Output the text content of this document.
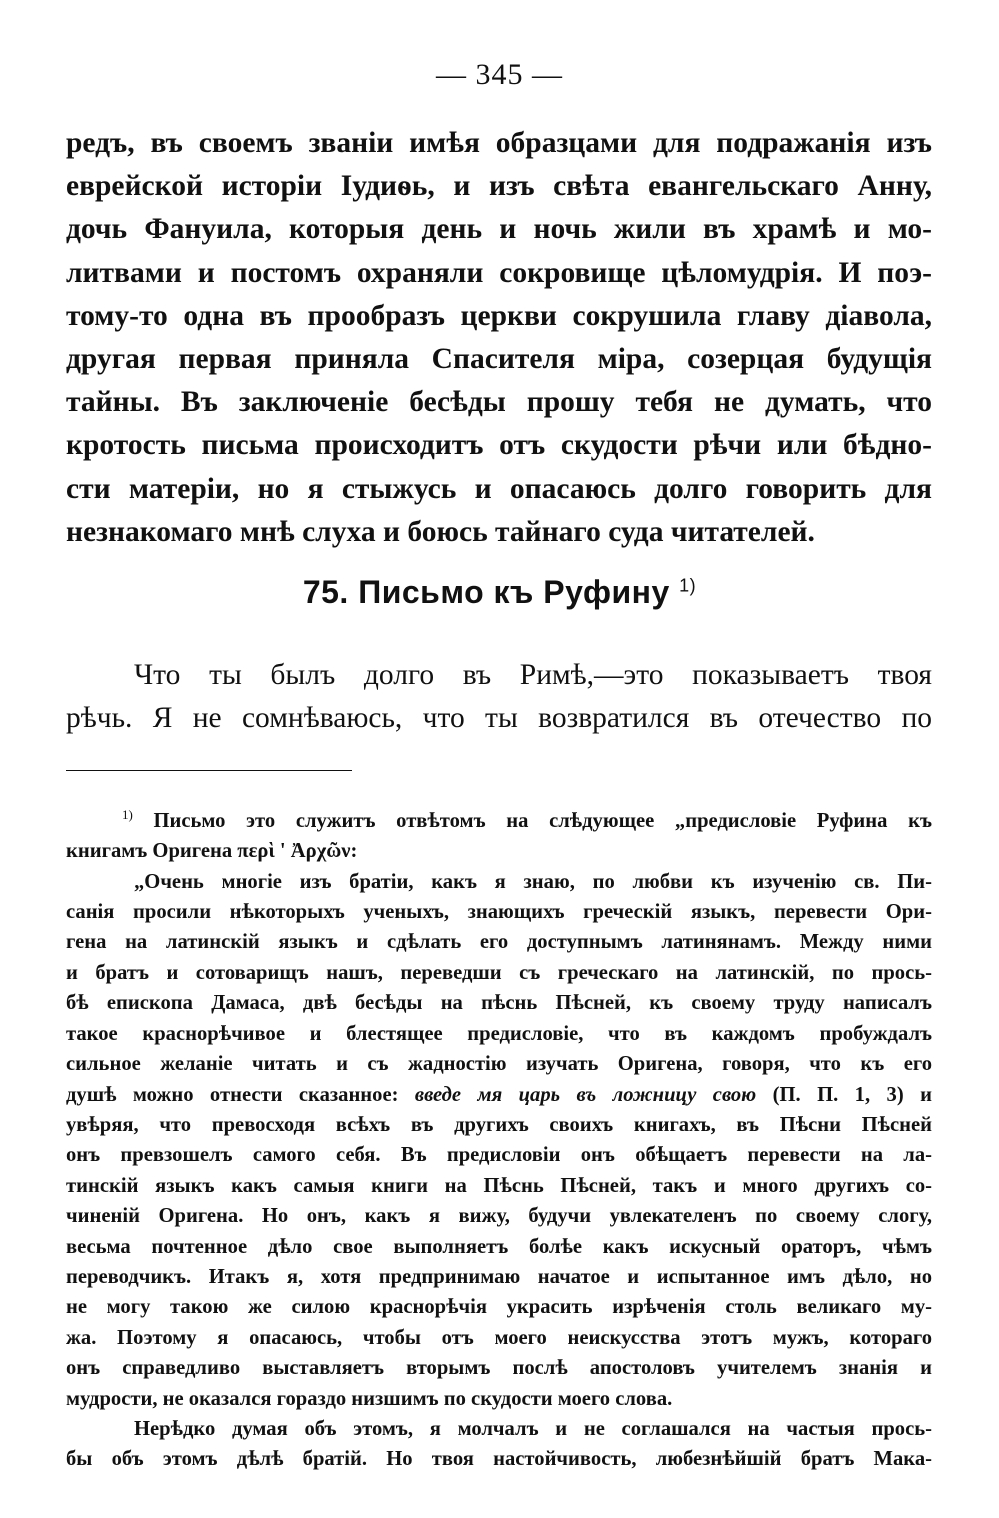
— 345 —

редъ, въ своемъ званіи имѣя образцами для подражанія изъ

еврейской исторіи Іудиѳь, и изъ свѣта евангельскаго Анну,

дочь Фануила, которыя день и ночь жили въ храмѣ и мо-

литвами и постомъ охраняли сокровище цѣломудрія. И поэ-

тому-то одна въ прообразъ церкви сокрушила главу діавола,

другая первая приняла Спасителя міра, созерцая будущія

тайны. Въ заключеніе бесѣды прошу тебя не думать, что

кротость письма происходитъ отъ скудости рѣчи или бѣдно-

сти матеріи, но я стыжусь и опасаюсь долго говорить для

незнакомаго мнѣ слуха и боюсь тайнаго суда читателей.

75. Письмо къ Руфину $^{1)}$

Что ты былъ долго въ Римѣ,—это показываетъ твоя

рѣчь. Я не сомнѣваюсь, что ты возвратился въ отечество по

$^{1)}$ Письмо это служитъ отвѣтомъ на слѣдующее „предисловіе Руфина къ

книгамъ Оригена περὶ ' Ἀρχῶν:

„Очень многіе изъ братіи, какъ я знаю, по любви къ изученію св. Пи-

санія просили нѣкоторыхъ ученыхъ, знающихъ греческій языкъ, перевести Ори-

гена на латинскій языкъ и сдѣлать его доступнымъ латинянамъ. Между ними

и братъ и сотоварищъ нашъ, переведши съ греческаго на латинскій, по прось-

бѣ епископа Дамаса, двѣ бесѣды на пѣснь Пѣсней, къ своему труду написалъ

такое краснорѣчивое и блестящее предисловіе, что въ каждомъ пробуждалъ

сильное желаніе читать и съ жадностію изучать Оригена, говоря, что къ его

душѣ можно отнести сказанное: введе мя царь въ ложницу свою (П. П. 1, 3) и

увѣряя, что превосходя всѣхъ въ другихъ своихъ книгахъ, въ Пѣсни Пѣсней

онъ превзошелъ самого себя. Въ предисловіи онъ обѣщаетъ перевести на ла-

тинскій языкъ какъ самыя книги на Пѣснь Пѣсней, такъ и много другихъ со-

чиненій Оригена. Но онъ, какъ я вижу, будучи увлекателенъ по своему слогу,

весьма почтенное дѣло свое выполняетъ болѣе какъ искусный ораторъ, чѣмъ

переводчикъ. Итакъ я, хотя предпринимаю начатое и испытанное имъ дѣло, но

не могу такою же силою краснорѣчія украсить изрѣченія столь великаго му-

жа. Поэтому я опасаюсь, чтобы отъ моего неискусства этотъ мужъ, котораго

онъ справедливо выставляетъ вторымъ послѣ апостоловъ учителемъ знанія и

мудрости, не оказался гораздо низшимъ по скудости моего слова.

Нерѣдко думая объ этомъ, я молчалъ и не соглашался на частыя прось-

бы объ этомъ дѣлѣ братій. Но твоя настойчивость, любезнѣйшій братъ Мака-
